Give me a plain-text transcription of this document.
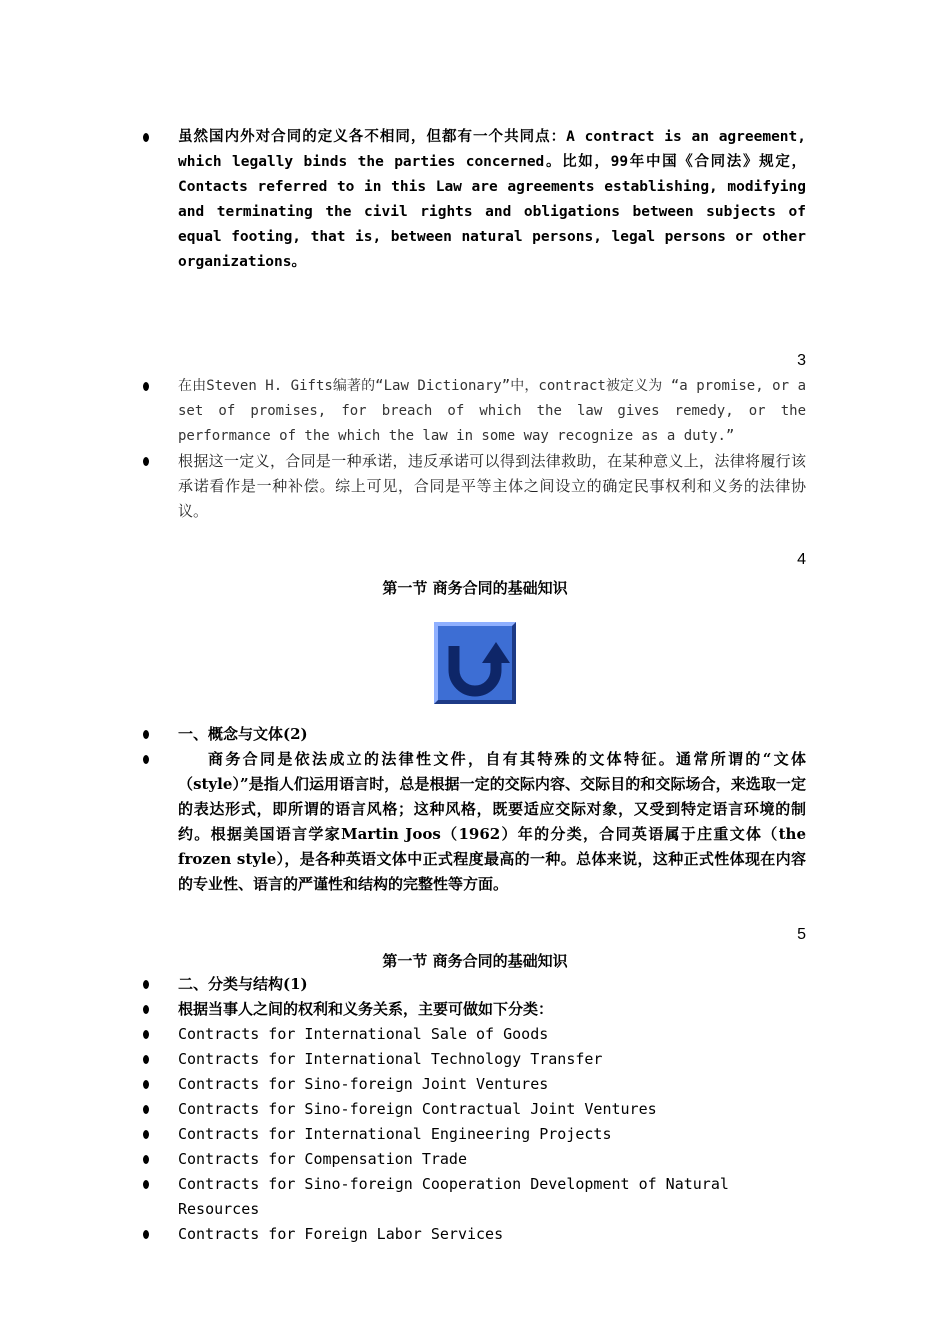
虽然国内外对合同的定义各不相同，但都有一个共同点：A contract is an agreement, which legally binds the parties concerned。比如，99年中国《合同法》规定，Contacts referred to in this Law are agreements establishing, modifying and terminating the civil rights and obligations between subjects of equal footing, that is, between natural persons, legal persons or other organizations。
3
在由Steven H. Gifts编著的“Law Dictionary”中，contract被定义为 “a promise, or a set of promises, for breach of which the law gives remedy, or the performance of the which the law in some way recognize as a duty.”
根据这一定义，合同是一种承诺，违反承诺可以得到法律救助，在某种意义上，法律将履行该承诺看作是一种补偿。综上可见，合同是平等主体之间设立的确定民事权利和义务的法律协议。
4
第一节 商务合同的基础知识
一、概念与文体(2)
商务合同是依法成立的法律性文件，自有其特殊的文体特征。通常所谓的“文体（style）”是指人们运用语言时，总是根据一定的交际内容、交际目的和交际场合，来选取一定的表达形式，即所谓的语言风格；这种风格，既要适应交际对象，又受到特定语言环境的制约。根据美国语言学家Martin Joos（1962）年的分类，合同英语属于庄重文体（the frozen style），是各种英语文体中正式程度最高的一种。总体来说，这种正式性体现在内容的专业性、语言的严谨性和结构的完整性等方面。
5
第一节 商务合同的基础知识
二、分类与结构(1)
根据当事人之间的权利和义务关系，主要可做如下分类：
Contracts for International Sale of Goods
Contracts for International Technology Transfer
Contracts for Sino-foreign Joint Ventures
Contracts for Sino-foreign Contractual Joint Ventures
Contracts for International Engineering Projects
Contracts for Compensation Trade
Contracts for Sino-foreign Cooperation Development of Natural Resources
Contracts for Foreign Labor Services
